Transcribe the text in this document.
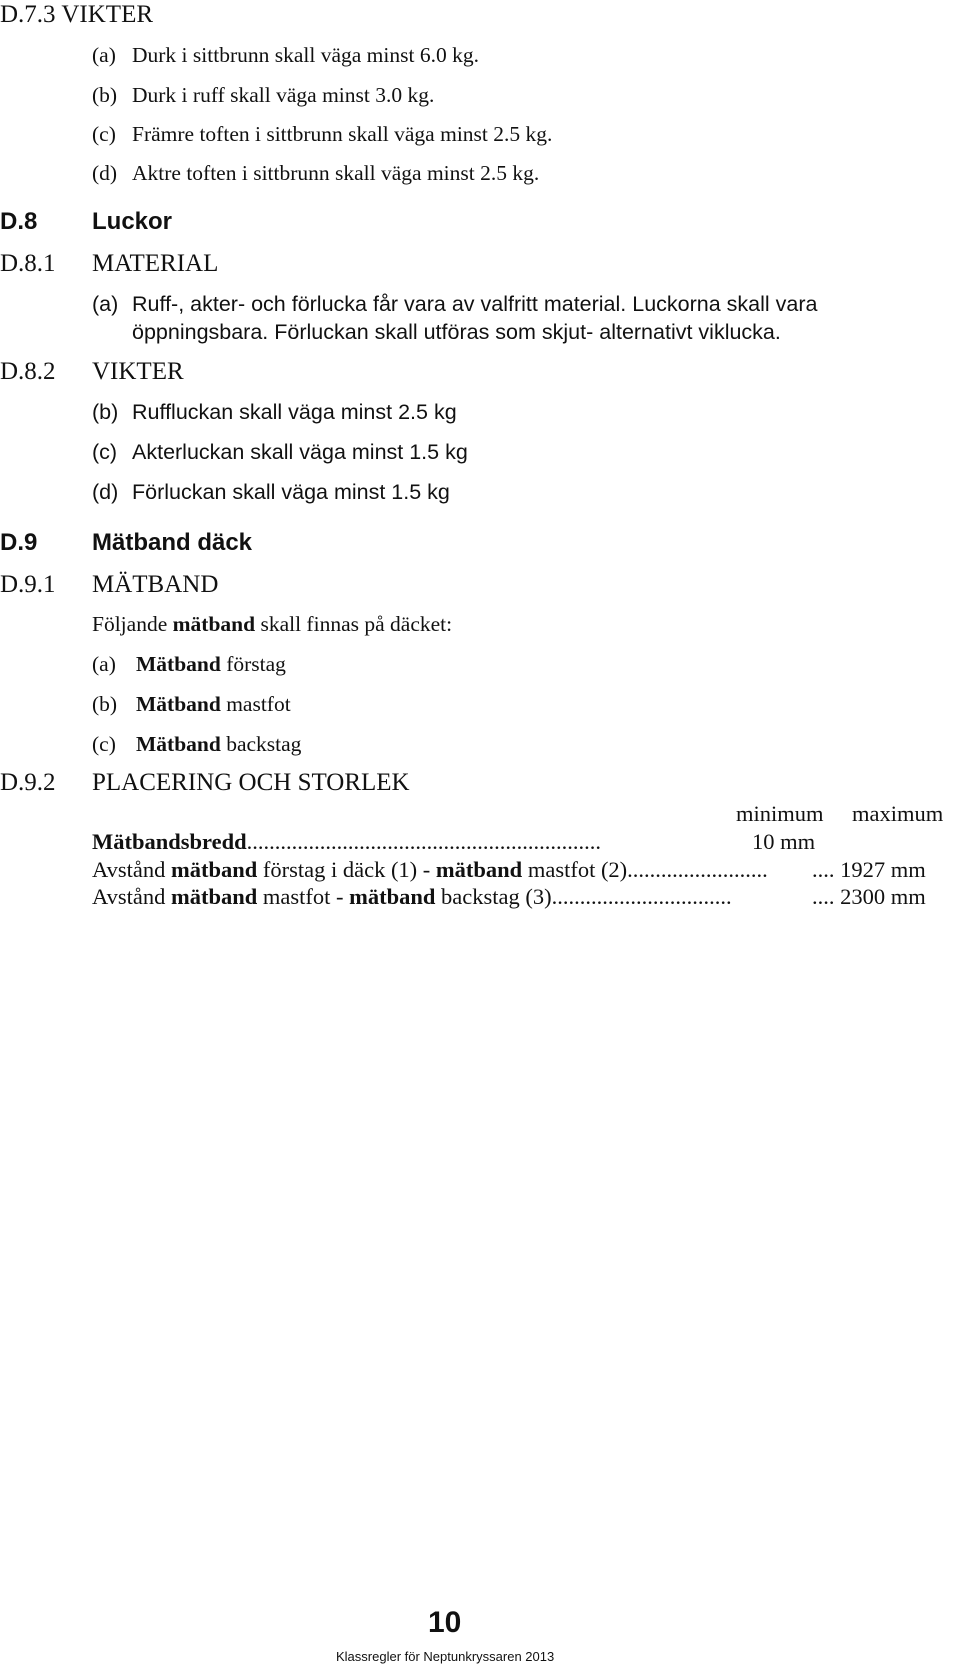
D.7.3 VIKTER
(a) Durk i sittbrunn skall väga minst 6.0 kg.
(b) Durk i ruff skall väga minst 3.0 kg.
(c) Främre toften i sittbrunn skall väga minst 2.5 kg.
(d) Aktre toften i sittbrunn skall väga minst 2.5 kg.
D.8 Luckor
D.8.1 MATERIAL
(a) Ruff-, akter- och förlucka får vara av valfritt material. Luckorna skall vara
öppningsbara. Förluckan skall utföras som skjut- alternativt viklucka.
D.8.2 VIKTER
(b) Ruffluckan skall väga minst 2.5 kg
(c) Akterluckan skall väga minst 1.5 kg
(d) Förluckan skall väga minst 1.5 kg
D.9 Mätband däck
D.9.1 MÄTBAND
Följande mätband skall finnas på däcket:
(a) Mätband förstag
(b) Mätband mastfot
(c) Mätband backstag
D.9.2 PLACERING OCH STORLEK
minimum maximum
Mätbandsbredd...............................................................	10 mm
Avstånd mätband förstag i däck (1) - mätband mastfot (2)......................... .... 1927 mm
Avstånd mätband mastfot - mätband backstag (3)................................	.... 2300 mm
10
Klassregler för Neptunkryssaren 2013
